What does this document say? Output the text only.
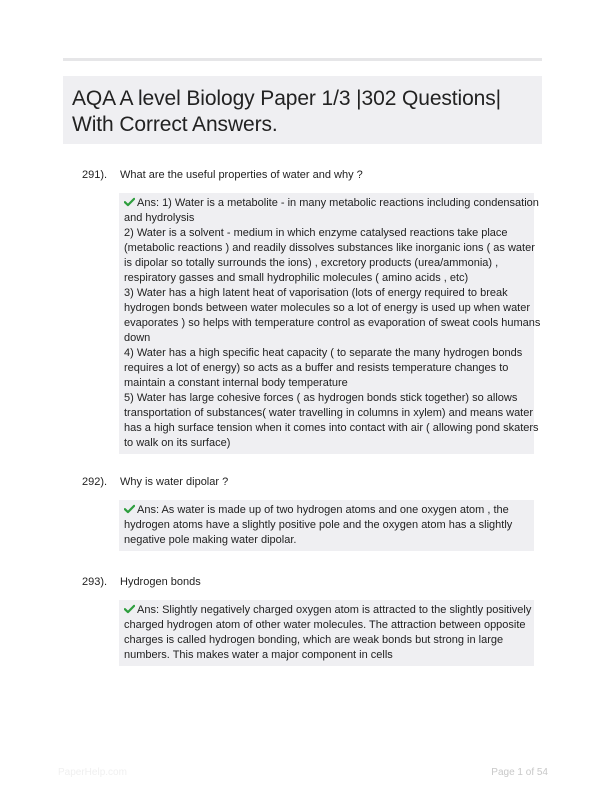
AQA A level Biology Paper 1/3 |302 Questions|
With Correct Answers.
291). What are the useful properties of water and why ?
Ans: 1) Water is a metabolite - in many metabolic reactions including condensation
and hydrolysis
2) Water is a solvent - medium in which enzyme catalysed reactions take place
(metabolic reactions ) and readily dissolves substances like inorganic ions ( as water
is dipolar so totally surrounds the ions) , excretory products (urea/ammonia) ,
respiratory gasses and small hydrophilic molecules ( amino acids , etc)
3) Water has a high latent heat of vaporisation (lots of energy required to break
hydrogen bonds between water molecules so a lot of energy is used up when water
evaporates ) so helps with temperature control as evaporation of sweat cools humans
down
4) Water has a high specific heat capacity ( to separate the many hydrogen bonds
requires a lot of energy) so acts as a buffer and resists temperature changes to
maintain a constant internal body temperature
5) Water has large cohesive forces ( as hydrogen bonds stick together) so allows
transportation of substances( water travelling in columns in xylem) and means water
has a high surface tension when it comes into contact with air ( allowing pond skaters
to walk on its surface)
292). Why is water dipolar ?
Ans: As water is made up of two hydrogen atoms and one oxygen atom , the
hydrogen atoms have a slightly positive pole and the oxygen atom has a slightly
negative pole making water dipolar.
293). Hydrogen bonds
Ans: Slightly negatively charged oxygen atom is attracted to the slightly positively
charged hydrogen atom of other water molecules. The attraction between opposite
charges is called hydrogen bonding, which are weak bonds but strong in large
numbers. This makes water a major component in cells
PaperHelp.com	Page 1 of 54
